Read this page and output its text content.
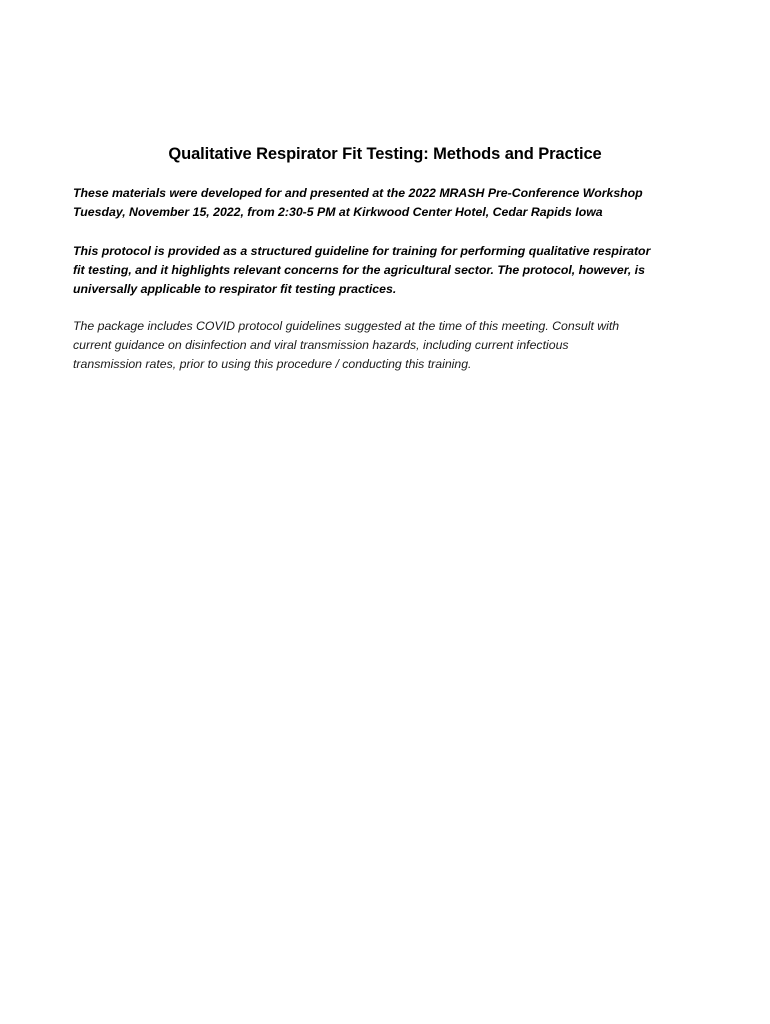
Qualitative Respirator Fit Testing: Methods and Practice

These materials were developed for and presented at the 2022 MRASH Pre-Conference Workshop
Tuesday, November 15, 2022, from 2:30-5 PM at Kirkwood Center Hotel, Cedar Rapids Iowa

This protocol is provided as a structured guideline for training for performing qualitative respirator
fit testing, and it highlights relevant concerns for the agricultural sector. The protocol, however, is
universally applicable to respirator fit testing practices.

The package includes COVID protocol guidelines suggested at the time of this meeting. Consult with
current guidance on disinfection and viral transmission hazards, including current infectious
transmission rates, prior to using this procedure / conducting this training.
